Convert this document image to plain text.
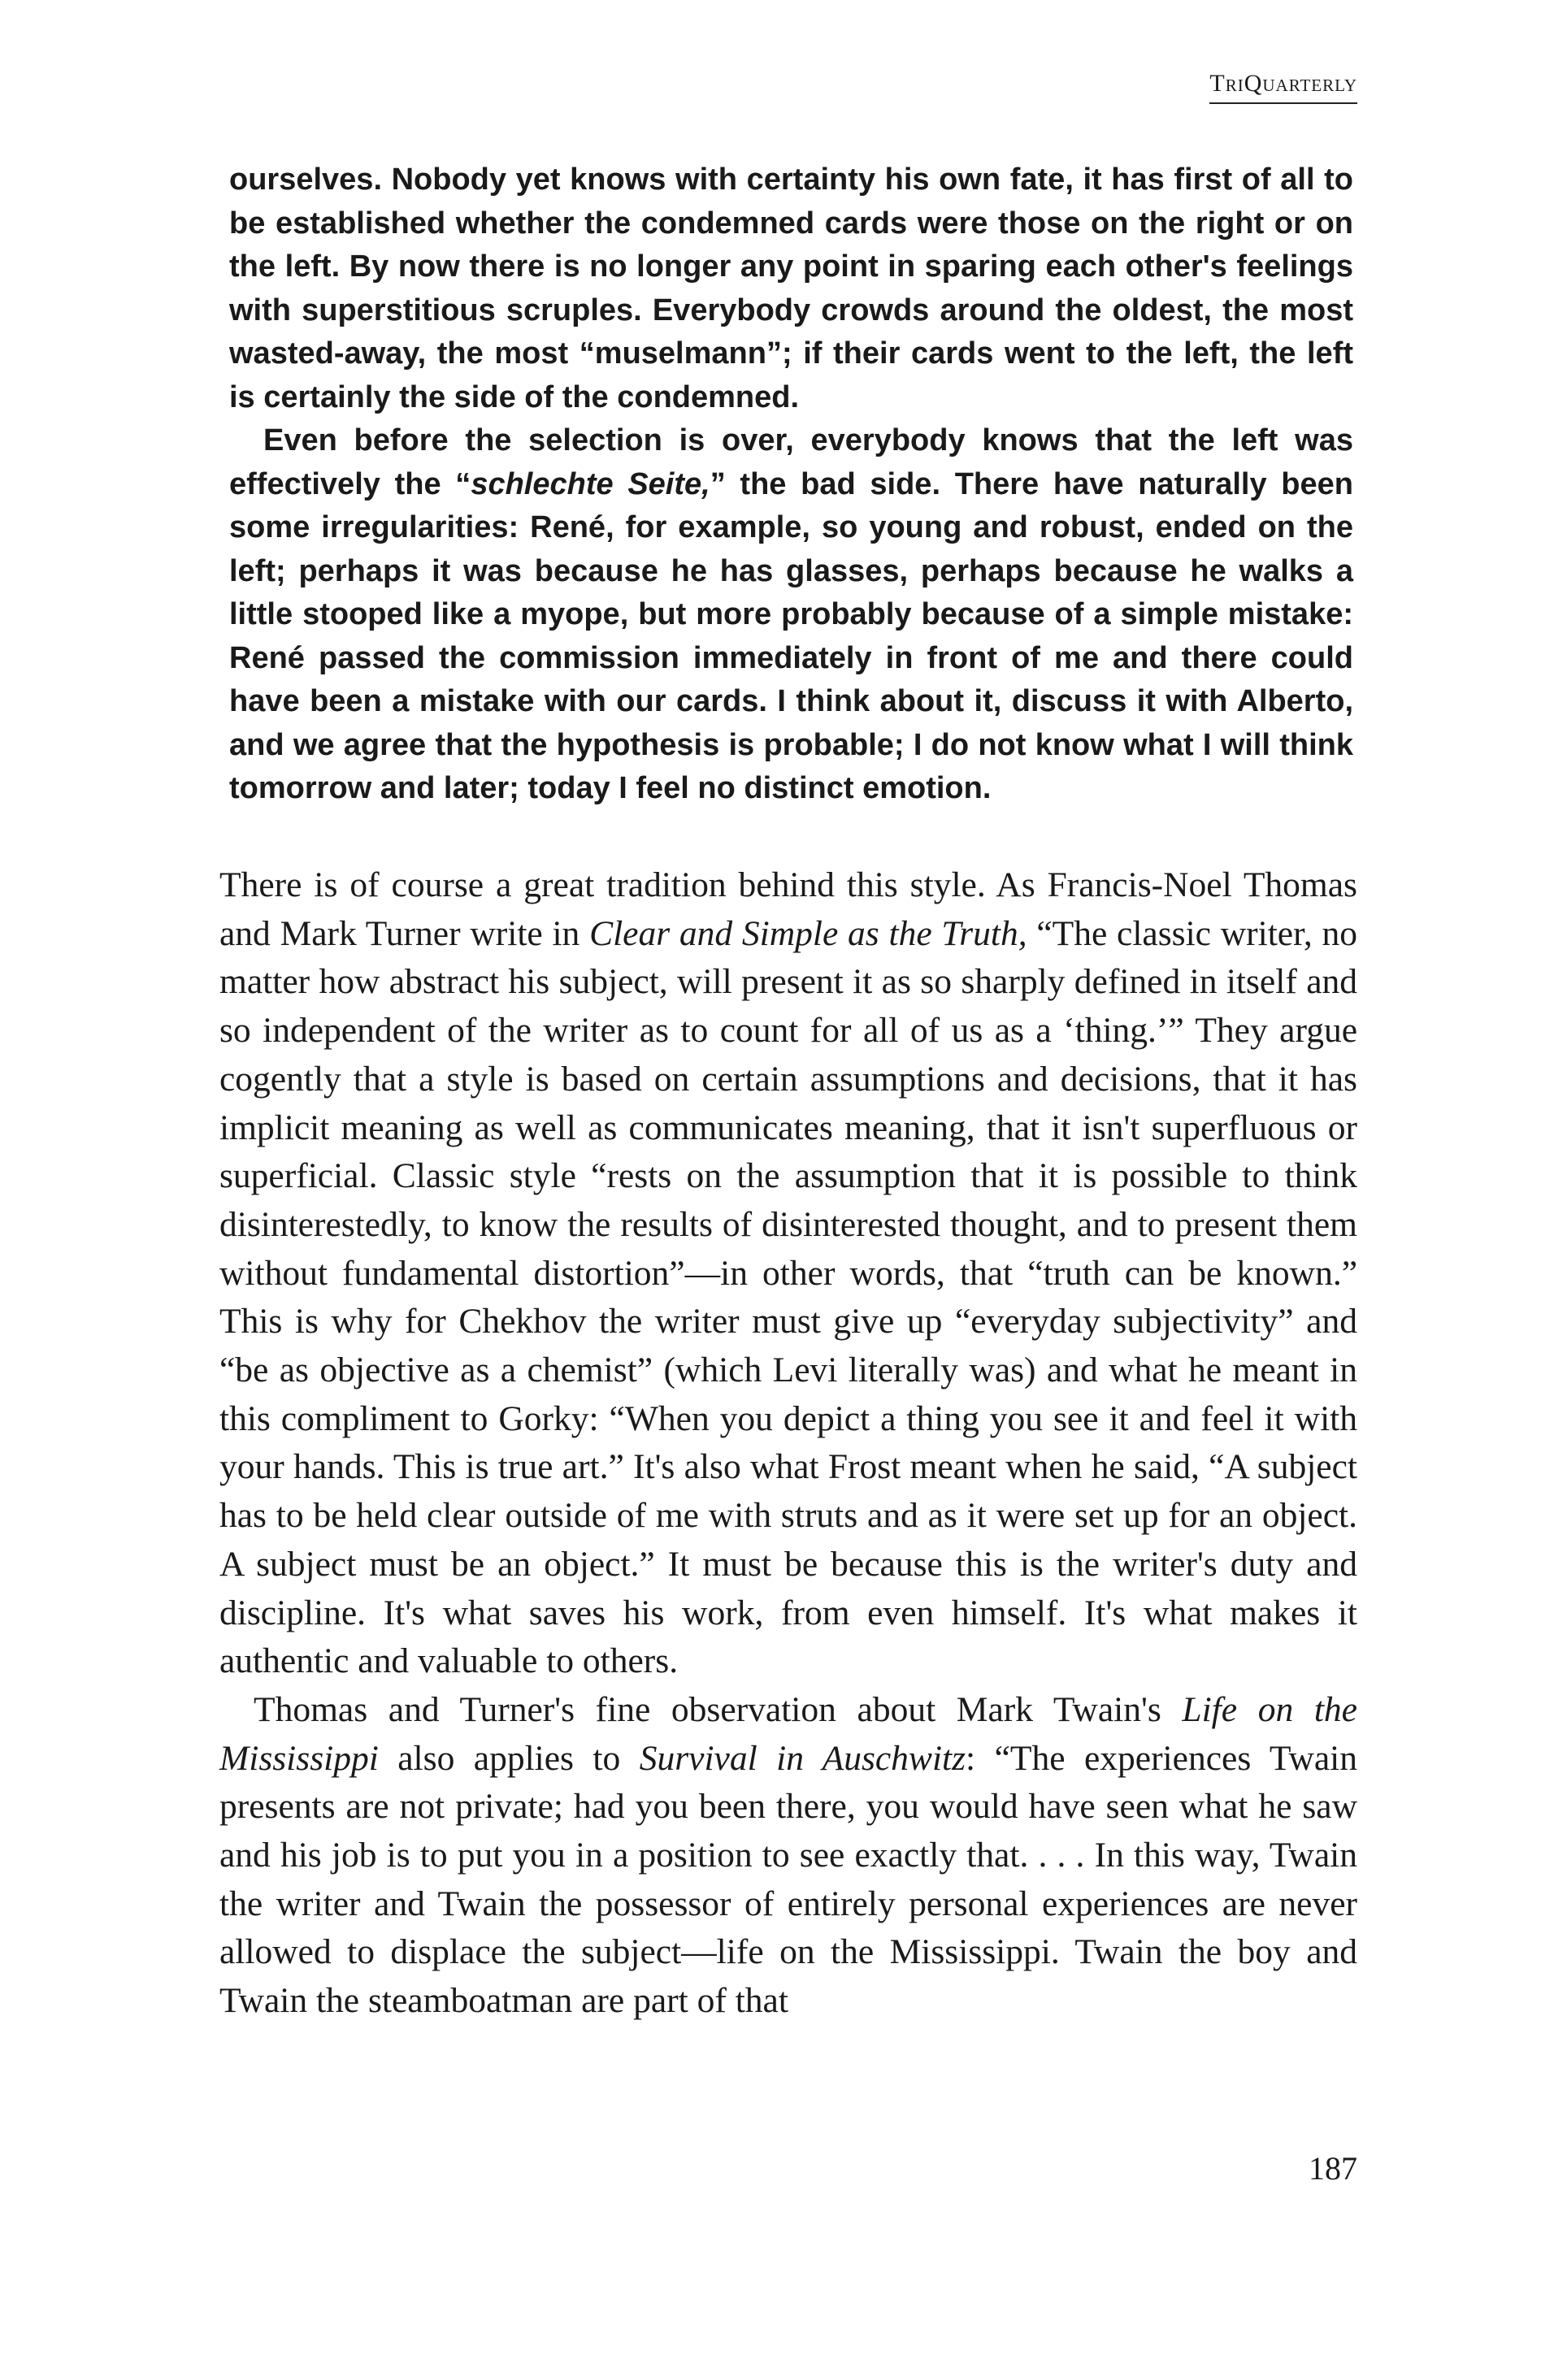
TriQuarterly

ourselves. Nobody yet knows with certainty his own fate, it has first of all to be established whether the condemned cards were those on the right or on the left. By now there is no longer any point in sparing each other's feelings with superstitious scruples. Everybody crowds around the oldest, the most wasted-away, the most “muselmann”; if their cards went to the left, the left is certainly the side of the condemned.

Even before the selection is over, everybody knows that the left was effectively the “schlechte Seite,” the bad side. There have naturally been some irregularities: René, for example, so young and robust, ended on the left; perhaps it was because he has glasses, perhaps because he walks a little stooped like a myope, but more probably because of a simple mistake: René passed the commission immediately in front of me and there could have been a mistake with our cards. I think about it, discuss it with Alberto, and we agree that the hypothesis is probable; I do not know what I will think tomorrow and later; today I feel no distinct emotion.

There is of course a great tradition behind this style. As Francis-Noel Thomas and Mark Turner write in Clear and Simple as the Truth, “The classic writer, no matter how abstract his subject, will present it as so sharply defined in itself and so independent of the writer as to count for all of us as a ‘thing.’” They argue cogently that a style is based on certain assumptions and decisions, that it has implicit meaning as well as communicates meaning, that it isn't superfluous or superficial. Classic style “rests on the assumption that it is possible to think disinterestedly, to know the results of disinterested thought, and to present them without fundamental distortion”—in other words, that “truth can be known.” This is why for Chekhov the writer must give up “everyday subjectivity” and “be as objective as a chemist” (which Levi literally was) and what he meant in this compliment to Gorky: “When you depict a thing you see it and feel it with your hands. This is true art.” It's also what Frost meant when he said, “A subject has to be held clear outside of me with struts and as it were set up for an object. A subject must be an object.” It must be because this is the writer's duty and discipline. It's what saves his work, from even himself. It's what makes it authentic and valuable to others.

Thomas and Turner's fine observation about Mark Twain's Life on the Mississippi also applies to Survival in Auschwitz: “The experiences Twain presents are not private; had you been there, you would have seen what he saw and his job is to put you in a position to see exactly that. . . . In this way, Twain the writer and Twain the possessor of entirely personal experiences are never allowed to displace the subject—life on the Mississippi. Twain the boy and Twain the steamboatman are part of that

187
